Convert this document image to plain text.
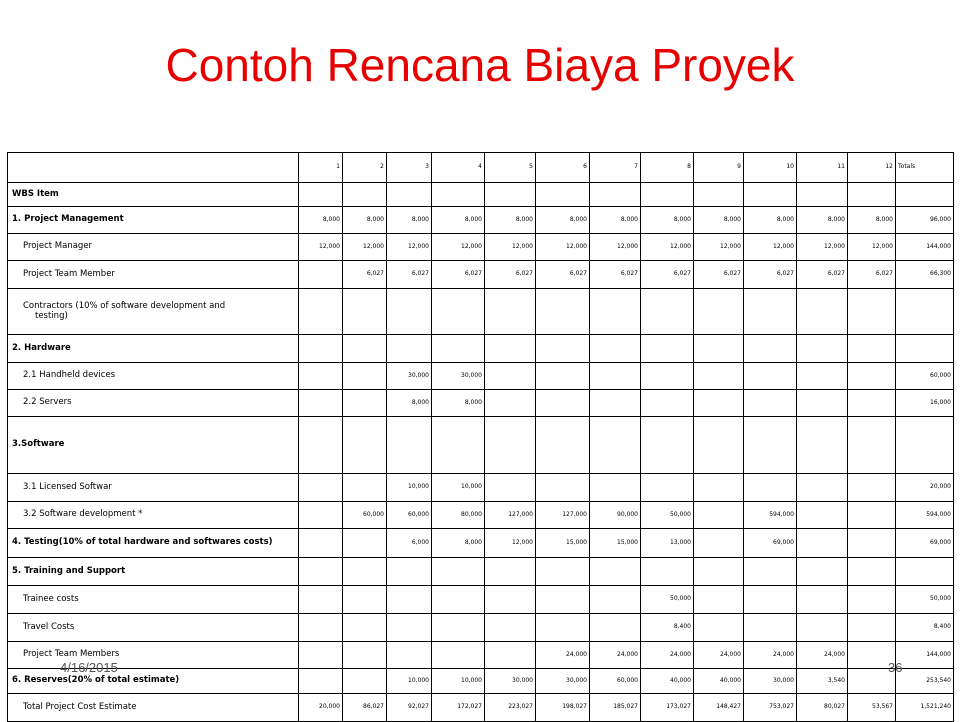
Contoh Rencana Biaya Proyek
	1	2	3	4	5	6	7	8	9	10	11	12	Totals
WBS Item													
1. Project Management	8,000	8,000	8,000	8,000	8,000	8,000	8,000	8,000	8,000	8,000	8,000	8,000	96,000
Project Manager	12,000	12,000	12,000	12,000	12,000	12,000	12,000	12,000	12,000	12,000	12,000	12,000	144,000
Project Team Member		6,027	6,027	6,027	6,027	6,027	6,027	6,027	6,027	6,027	6,027	6,027	66,300
Contractors (10% of software development and
testing)													

2. Hardware													
2.1 Handheld devices			30,000	30,000									60,000
2.2 Servers			8,000	8,000									16,000
3.Software													
3.1 Licensed Softwar			10,000	10,000									20,000
3.2 Software development *		60,000	60,000	80,000	127,000	127,000	90,000	50,000		594,000			594,000
4. Testing(10% of total hardware and softwares costs)			6,000	8,000	12,000	15,000	15,000	13,000		69,000			69,000
5. Training and Support													
Trainee costs								50,000					50,000
Travel Costs								8,400					8,400
Project Team Members						24,000	24,000	24,000	24,000	24,000	24,000		144,000
6. Reserves(20% of total estimate)			10,000	10,000	30,000	30,000	60,000	40,000	40,000	30,000	3,540		253,540
Total Project Cost Estimate	20,000	86,027	92,027	172,027	223,027	198,027	185,027	173,027	148,427	753,027	80,027	53,567	1,521,240
4/16/2015	36
